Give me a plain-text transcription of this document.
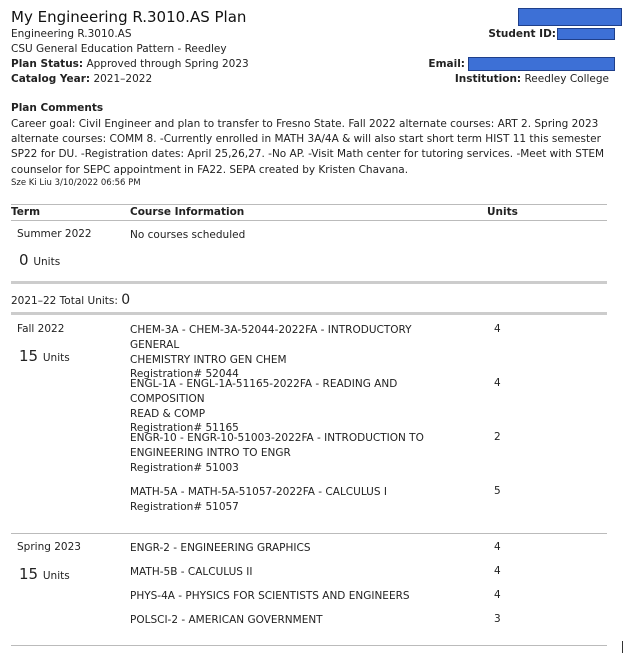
My Engineering R.3010.AS Plan
Engineering R.3010.AS
CSU General Education Pattern - Reedley
Plan Status: Approved through Spring 2023
Catalog Year: 2021–2022
Student ID:
Email:
Institution: Reedley College
Plan Comments
Career goal: Civil Engineer and plan to transfer to Fresno State. Fall 2022 alternate courses: ART 2. Spring 2023 alternate courses: COMM 8. -Currently enrolled in MATH 3A/4A & will also start short term HIST 11 this semester SP22 for DU. -Registration dates: April 25,26,27. -No AP. -Visit Math center for tutoring services. -Meet with STEM counselor for SEPC appointment in FA22. SEPA created by Kristen Chavana.
Sze Ki Liu 3/10/2022 06:56 PM
Term	Course Information	Units
Summer 2022	No courses scheduled
0 Units
2021–22 Total Units: 0
Fall 2022
15 Units
CHEM-3A - CHEM-3A-52044-2022FA - INTRODUCTORY GENERAL
CHEMISTRY INTRO GEN CHEM
Registration# 52044
4
ENGL-1A - ENGL-1A-51165-2022FA - READING AND COMPOSITION
READ & COMP
Registration# 51165
4
ENGR-10 - ENGR-10-51003-2022FA - INTRODUCTION TO
ENGINEERING INTRO TO ENGR
Registration# 51003
2
MATH-5A - MATH-5A-51057-2022FA - CALCULUS I
Registration# 51057
5
Spring 2023
15 Units
ENGR-2 - ENGINEERING GRAPHICS	4
MATH-5B - CALCULUS II	4
PHYS-4A - PHYSICS FOR SCIENTISTS AND ENGINEERS	4
POLSCI-2 - AMERICAN GOVERNMENT	3
